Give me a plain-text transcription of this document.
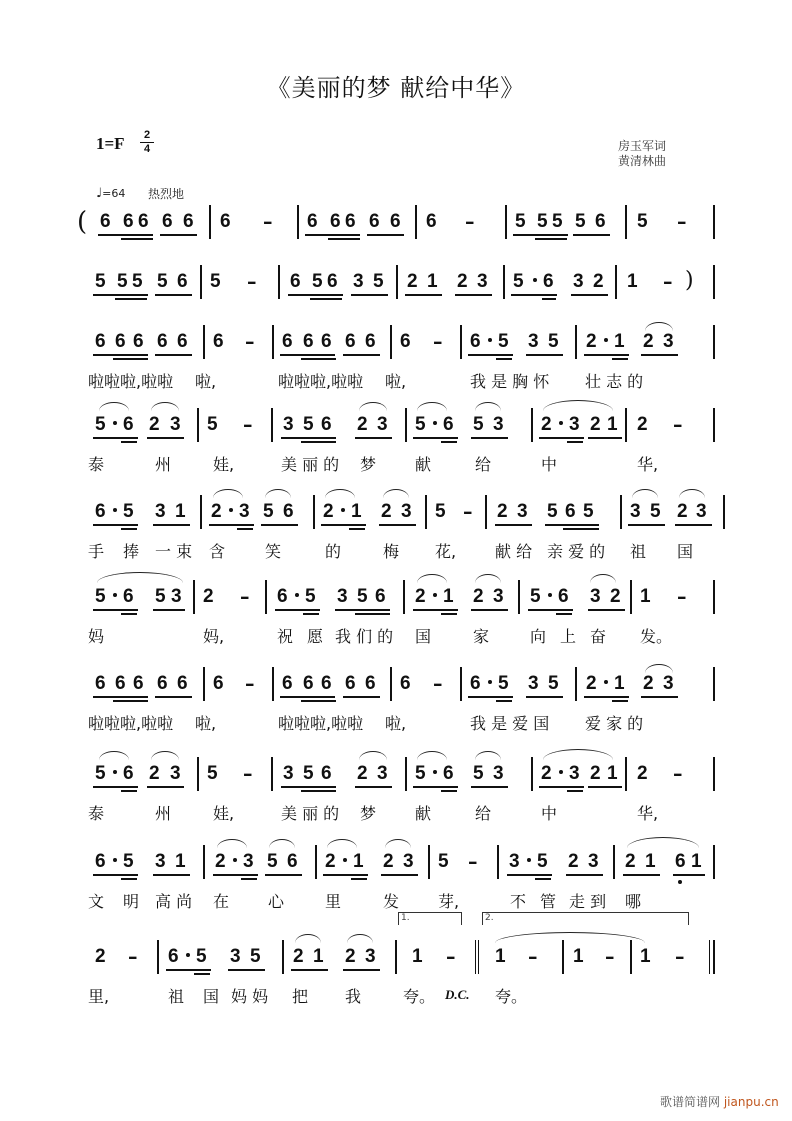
《美丽的梦 献给中华》
1=F	2
4	房玉军词
黄清林曲
♩=64 热烈地
( 6 6 6 6 6 6 – 6 6 6 6 6 6 – 5 5 5 5 6 5 –
5 5 5 5 6 5 – 6 5 6 3 5 2 1 2 3 5 6 3 2 1 – )
6 6 6 6 6 6 – 6 6 6 6 6 6 – 6 5 3 5 2 1 2 3
啦啦啦,啦啦 啦,	啦啦啦,啦啦 啦,	我 是 胸 怀 壮 志 的
5 6 2 3 5 – 3 5 6 2 3 5 6 5 3 2 3 2 1 2 –
泰	州	娃,	美 丽 的 梦 献	给	中	华,
6 5 3 1 2 3 5 6 2 1 2 3 5 – 2 3 5 6 5 3 5 2 3
手 捧 一 束 含 笑	的	梅 花, 献 给 亲 爱 的 祖 国
5 6 5 3 2 – 6 5 3 5 6 2 1 2 3 5 6 3 2 1 –
妈	妈,	祝 愿 我 们 的 国	家	向 上 奋 发。
6 6 6 6 6 6 – 6 6 6 6 6 6 – 6 5 3 5 2 1 2 3
啦啦啦,啦啦 啦,	啦啦啦,啦啦 啦,	我 是 爱 国 爱 家 的
5 6 2 3 5 – 3 5 6 2 3 5 6 5 3 2 3 2 1 2 –
泰	州	娃,	美 丽 的 梦 献	给	中	华,
6 5 3 1 2 3 5 6 2 1 2 3 5 – 3 5 2 3 2 1 6 1
文 明 高 尚 在 心	里	发 芽,	不 管 走 到 哪
1.	2.
2 – 6 5 3 5 2 1 2 3 1 – 1 – 1 – 1 –
里,	祖 国 妈 妈 把 我	夸。 D.C. 夸。
歌谱简谱网 jianpu.cn
